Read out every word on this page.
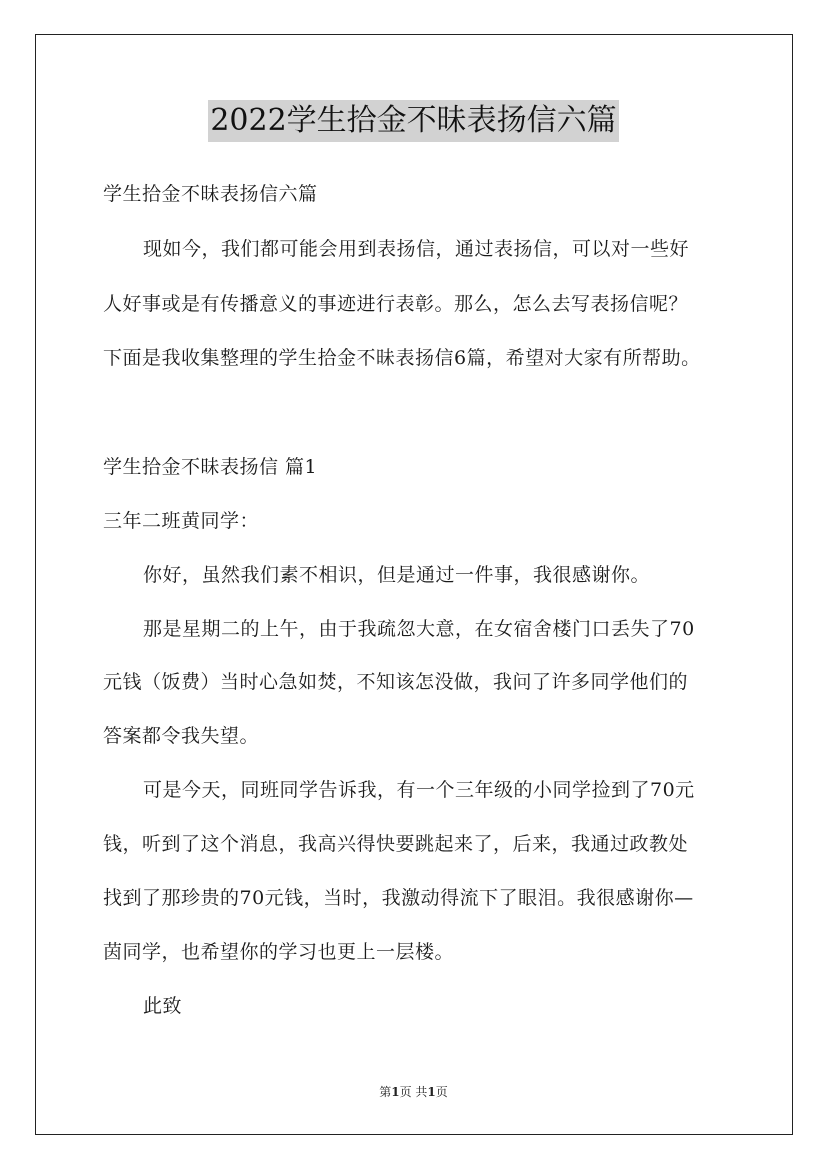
2022学生拾金不昧表扬信六篇
学生拾金不昧表扬信六篇
现如今，我们都可能会用到表扬信，通过表扬信，可以对一些好
人好事或是有传播意义的事迹进行表彰。那么，怎么去写表扬信呢？
下面是我收集整理的学生拾金不昧表扬信6篇，希望对大家有所帮助。
学生拾金不昧表扬信 篇1
三年二班黄同学：
你好，虽然我们素不相识，但是通过一件事，我很感谢你。
那是星期二的上午，由于我疏忽大意，在女宿舍楼门口丢失了70
元钱（饭费）当时心急如焚，不知该怎没做，我问了许多同学他们的
答案都令我失望。
可是今天，同班同学告诉我，有一个三年级的小同学捡到了70元
钱，听到了这个消息，我高兴得快要跳起来了，后来，我通过政教处
找到了那珍贵的70元钱，当时，我激动得流下了眼泪。我很感谢你—
茵同学，也希望你的学习也更上一层楼。
此致
第1页 共1页
